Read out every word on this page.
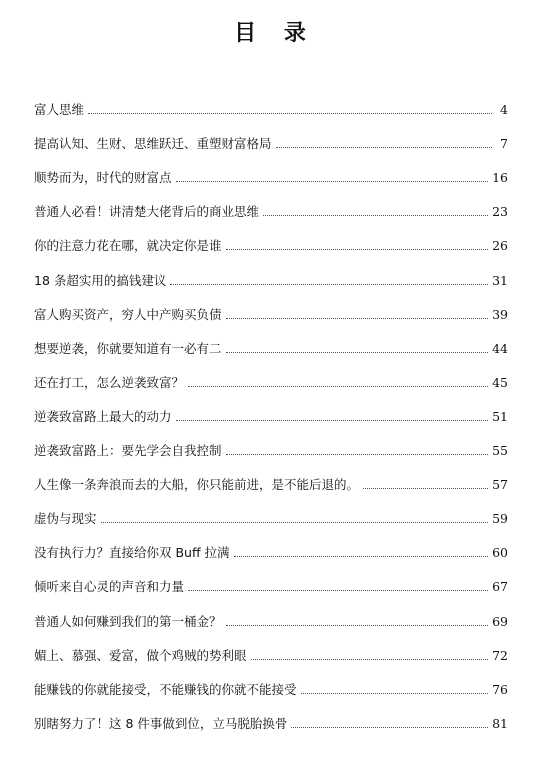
目 录
富人思维	4
提高认知、生财、思维跃迁、重塑财富格局	7
顺势而为，时代的财富点	16
普通人必看！讲清楚大佬背后的商业思维	23
你的注意力花在哪，就决定你是谁	26
18 条超实用的搞钱建议	31
富人购买资产，穷人中产购买负债	39
想要逆袭，你就要知道有一必有二	44
还在打工，怎么逆袭致富？	45
逆袭致富路上最大的动力	51
逆袭致富路上：要先学会自我控制	55
人生像一条奔浪而去的大船，你只能前进，是不能后退的。	57
虚伪与现实	59
没有执行力？直接给你双 Buff 拉满	60
倾听来自心灵的声音和力量	67
普通人如何赚到我们的第一桶金？	69
媚上、慕强、爱富，做个鸡贼的势利眼	72
能赚钱的你就能接受，不能赚钱的你就不能接受	76
别瞎努力了！这 8 件事做到位，立马脱胎换骨	81
